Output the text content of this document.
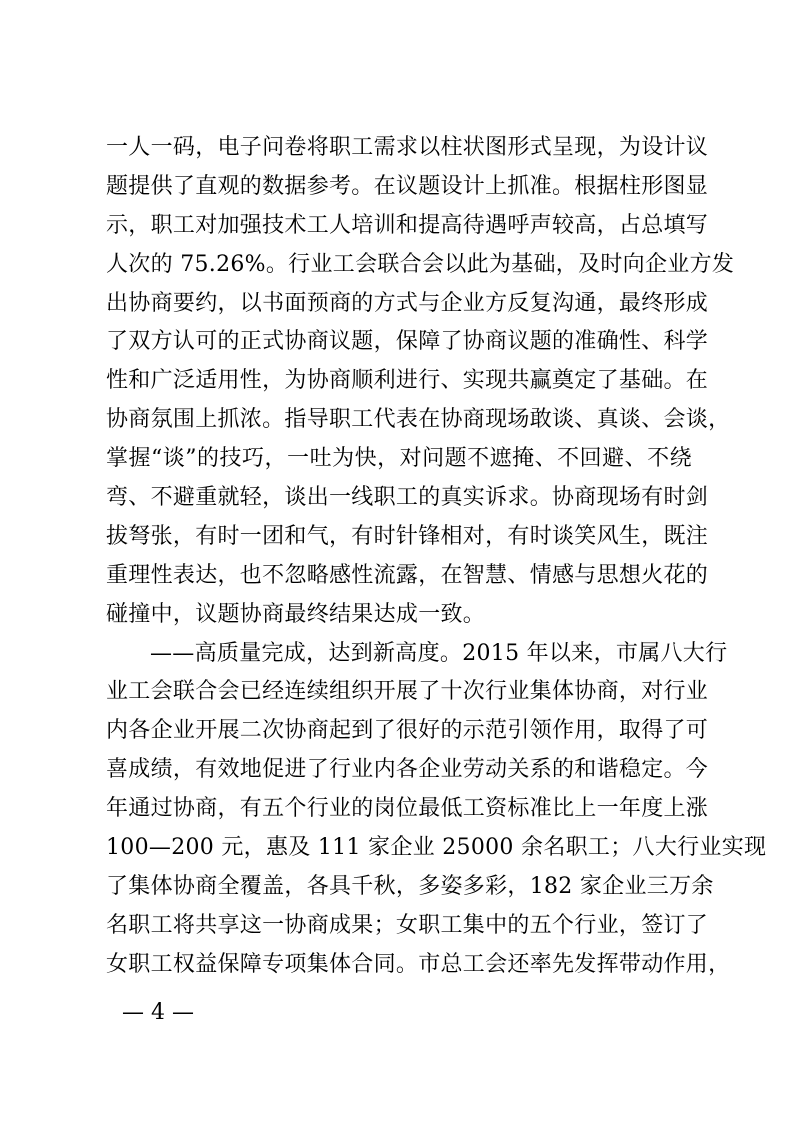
一人一码，电子问卷将职工需求以柱状图形式呈现，为设计议
题提供了直观的数据参考。在议题设计上抓准。根据柱形图显
示，职工对加强技术工人培训和提高待遇呼声较高，占总填写
人次的 75.26%。行业工会联合会以此为基础，及时向企业方发
出协商要约，以书面预商的方式与企业方反复沟通，最终形成
了双方认可的正式协商议题，保障了协商议题的准确性、科学
性和广泛适用性，为协商顺利进行、实现共赢奠定了基础。在
协商氛围上抓浓。指导职工代表在协商现场敢谈、真谈、会谈，
掌握“谈”的技巧，一吐为快，对问题不遮掩、不回避、不绕
弯、不避重就轻，谈出一线职工的真实诉求。协商现场有时剑
拔弩张，有时一团和气，有时针锋相对，有时谈笑风生，既注
重理性表达，也不忽略感性流露，在智慧、情感与思想火花的
碰撞中，议题协商最终结果达成一致。
——高质量完成，达到新高度。2015 年以来，市属八大行
业工会联合会已经连续组织开展了十次行业集体协商，对行业
内各企业开展二次协商起到了很好的示范引领作用，取得了可
喜成绩，有效地促进了行业内各企业劳动关系的和谐稳定。今
年通过协商，有五个行业的岗位最低工资标准比上一年度上涨
100—200 元，惠及 111 家企业 25000 余名职工；八大行业实现
了集体协商全覆盖，各具千秋，多姿多彩，182 家企业三万余
名职工将共享这一协商成果；女职工集中的五个行业，签订了
女职工权益保障专项集体合同。市总工会还率先发挥带动作用，
— 4 —
